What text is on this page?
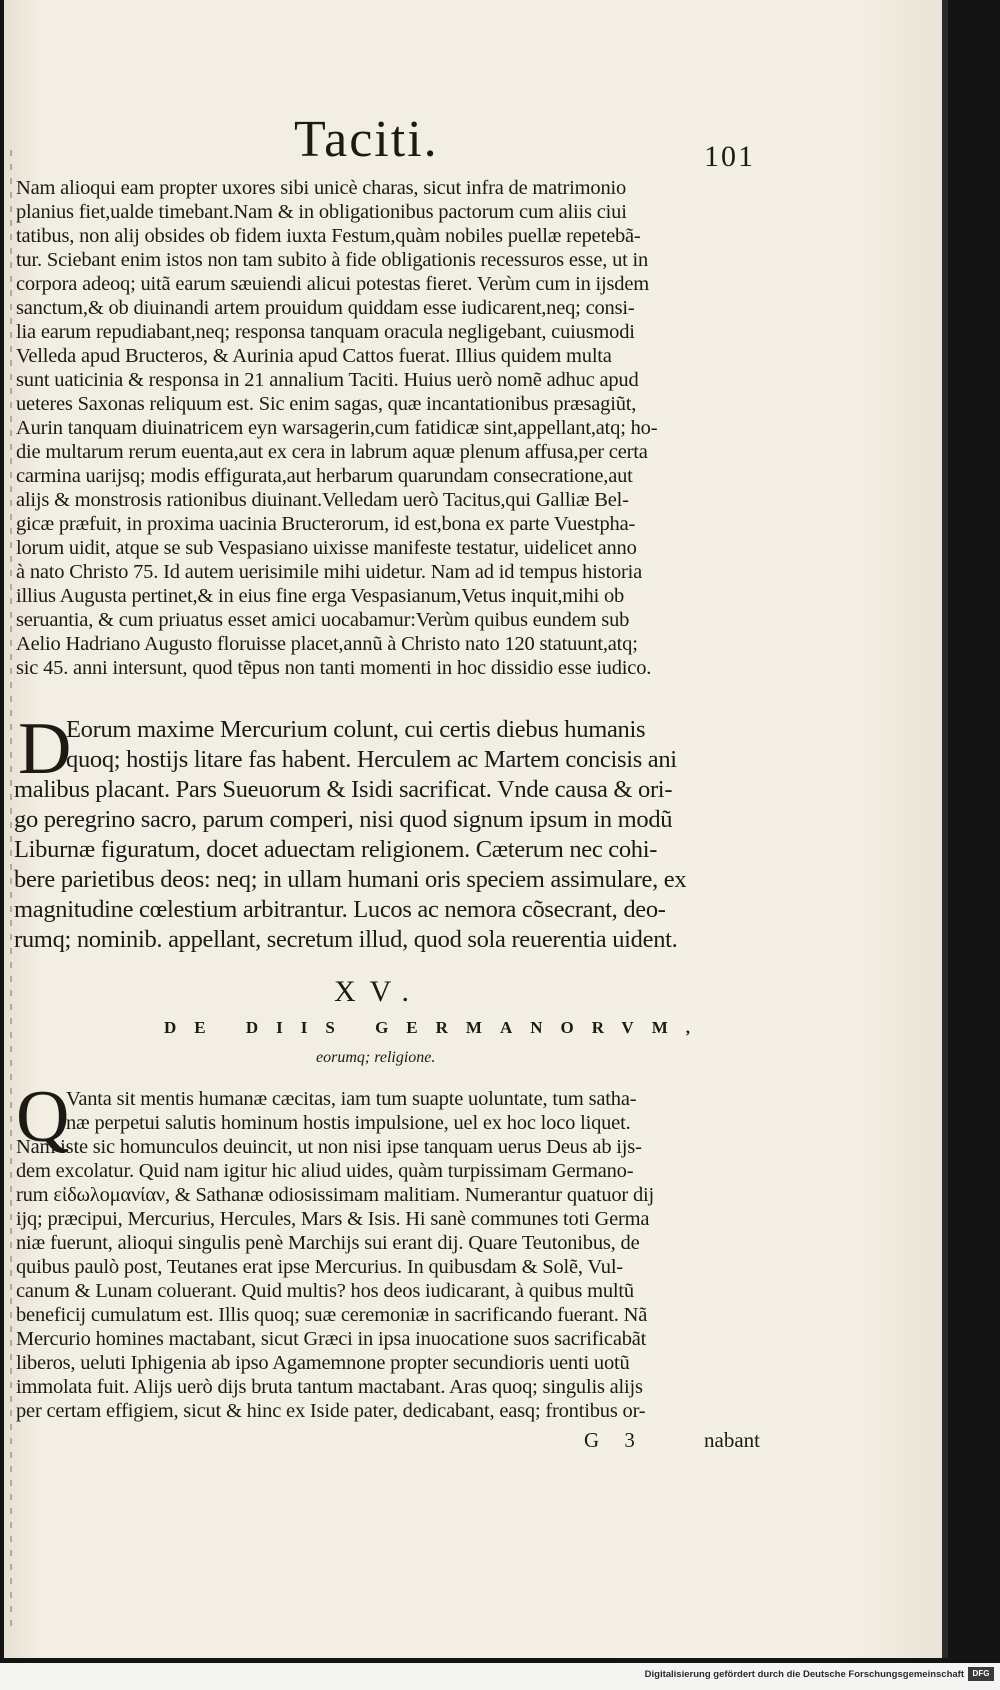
Taciti.	101
Nam alioqui eam propter uxores sibi unicè charas, sicut infra de matrimonio
planius fiet,ualde timebant.Nam & in obligationibus pactorum cum aliis ciui
tatibus, non alij obsides ob fidem iuxta Festum,quàm nobiles puellæ repetebã-
tur. Sciebant enim istos non tam subito à fide obligationis recessuros esse, ut in
corpora adeoq; uitã earum sæuiendi alicui potestas fieret. Verùm cum in ijsdem
sanctum,& ob diuinandi artem prouidum quiddam esse iudicarent,neq; consi-
lia earum repudiabant,neq; responsa tanquam oracula negligebant, cuiusmodi
Velleda apud Bructeros, & Aurinia apud Cattos fuerat. Illius quidem multa
sunt uaticinia & responsa in 21 annalium Taciti. Huius uerò nomẽ adhuc apud
ueteres Saxonas reliquum est. Sic enim sagas, quæ incantationibus præsagiũt,
Aurin tanquam diuinatricem eyn warsagerin,cum fatidicæ sint,appellant,atq; ho-
die multarum rerum euenta,aut ex cera in labrum aquæ plenum affusa,per certa
carmina uarijsq; modis effigurata,aut herbarum quarundam consecratione,aut
alijs & monstrosis rationibus diuinant.Velledam uerò Tacitus,qui Galliæ Bel-
gicæ præfuit, in proxima uacinia Bructerorum, id est,bona ex parte Vuestpha-
lorum uidit, atque se sub Vespasiano uixisse manifeste testatur, uidelicet anno
à nato Christo 75. Id autem uerisimile mihi uidetur. Nam ad id tempus historia
illius Augusta pertinet,& in eius fine erga Vespasianum,Vetus inquit,mihi ob
seruantia, & cum priuatus esset amici uocabamur:Verùm quibus eundem sub
Aelio Hadriano Augusto floruisse placet,annũ à Christo nato 120 statuunt,atq;
sic 45. anni intersunt, quod tẽpus non tanti momenti in hoc dissidio esse iudico.
D
Eorum maxime Mercurium colunt, cui certis diebus humanis
quoq; hostijs litare fas habent. Herculem ac Martem concisis ani
malibus placant. Pars Sueuorum & Isidi sacrificat. Vnde causa & ori-
go peregrino sacro, parum comperi, nisi quod signum ipsum in modũ
Liburnæ figuratum, docet aduectam religionem. Cæterum nec cohi-
bere parietibus deos: neq; in ullam humani oris speciem assimulare, ex
magnitudine cœlestium arbitrantur. Lucos ac nemora cõsecrant, deo-
rumq; nominib. appellant, secretum illud, quod sola reuerentia uident.
XV.
DE DIIS GERMANORVM,
eorumq; religione.
Q
Vanta sit mentis humanæ cæcitas, iam tum suapte uoluntate, tum satha-
næ perpetui salutis hominum hostis impulsione, uel ex hoc loco liquet.
Nam iste sic homunculos deuincit, ut non nisi ipse tanquam uerus Deus ab ijs-
dem excolatur. Quid nam igitur hic aliud uides, quàm turpissimam Germano-
rum εἰδωλομανίαν, & Sathanæ odiosissimam malitiam. Numerantur quatuor dij
ijq; præcipui, Mercurius, Hercules, Mars & Isis. Hi sanè communes toti Germa
niæ fuerunt, alioqui singulis penè Marchijs sui erant dij. Quare Teutonibus, de
quibus paulò post, Teutanes erat ipse Mercurius. In quibusdam & Solẽ, Vul-
canum & Lunam coluerant. Quid multis? hos deos iudicarant, à quibus multũ
beneficij cumulatum est. Illis quoq; suæ ceremoniæ in sacrificando fuerant. Nã
Mercurio homines mactabant, sicut Græci in ipsa inuocatione suos sacrificabãt
liberos, ueluti Iphigenia ab ipso Agamemnone propter secundioris uenti uotũ
immolata fuit. Alijs uerò dijs bruta tantum mactabant. Aras quoq; singulis alijs
per certam effigiem, sicut & hinc ex Iside pater, dedicabant, easq; frontibus or-
G 3	nabant
Digitalisierung gefördert durch die Deutsche Forschungsgemeinschaft	DFG
